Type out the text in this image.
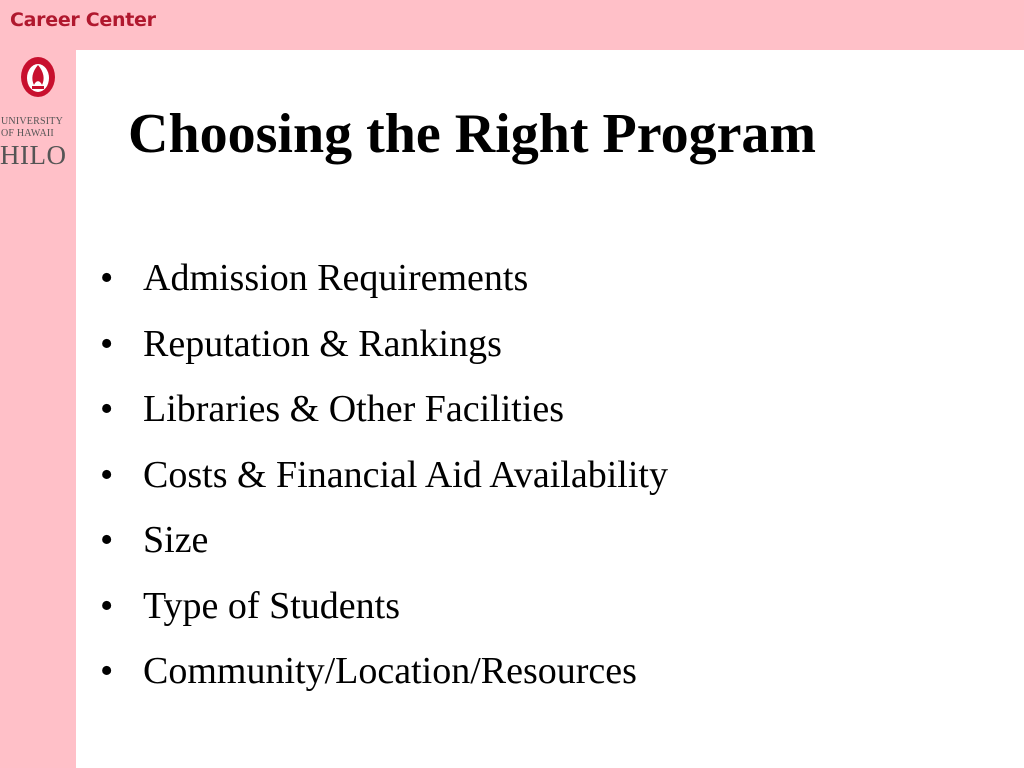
Career Center
UNIVERSITY
OF HAWAII
HILO Choosing the Right Program
• Admission Requirements
• Reputation & Rankings
• Libraries & Other Facilities
• Costs & Financial Aid Availability
• Size
• Type of Students
• Community/Location/Resources
